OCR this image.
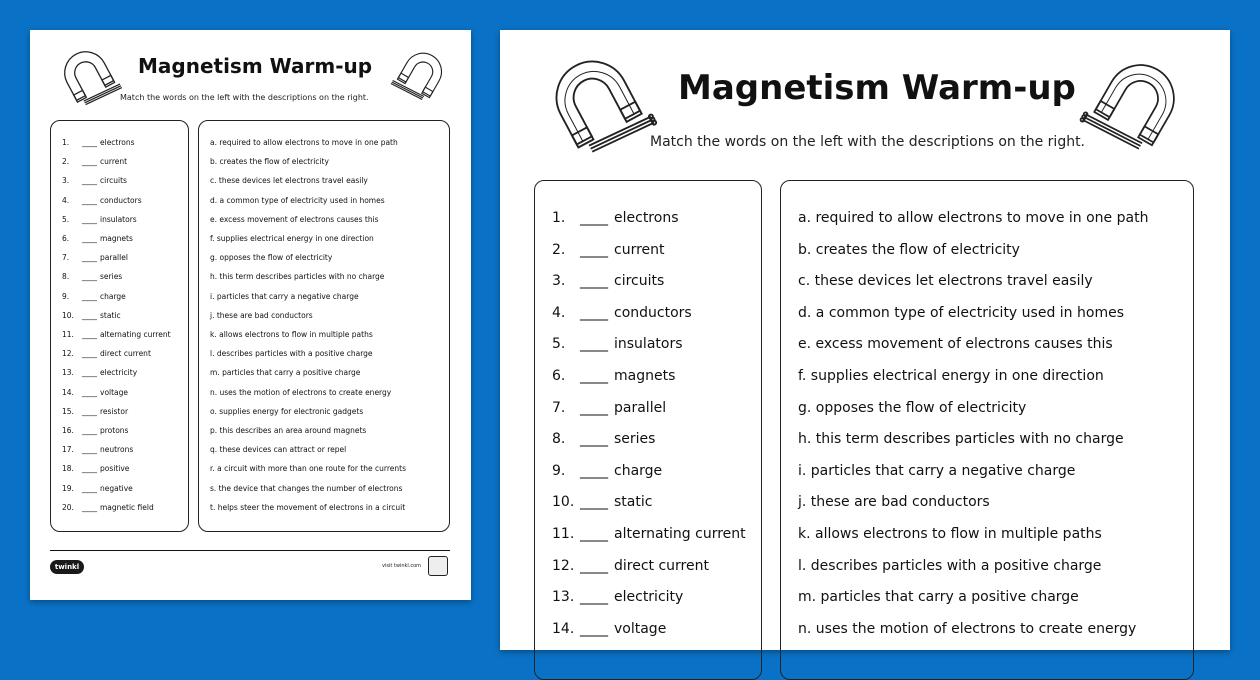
Magnetism Warm-up
Match the words on the left with the descriptions on the right.
1. ____ electrons
2. ____ current
3. ____ circuits
4. ____ conductors
5. ____ insulators
6. ____ magnets
7. ____ parallel
8. ____ series
9. ____ charge
10. ____ static
11. ____ alternating current
12. ____ direct current
13. ____ electricity
14. ____ voltage
15. ____ resistor
16. ____ protons
17. ____ neutrons
18. ____ positive
19. ____ negative
20. ____ magnetic field
a. required to allow electrons to move in one path
b. creates the flow of electricity
c. these devices let electrons travel easily
d. a common type of electricity used in homes
e. excess movement of electrons causes this
f. supplies electrical energy in one direction
g. opposes the flow of electricity
h. this term describes particles with no charge
i. particles that carry a negative charge
j. these are bad conductors
k. allows electrons to flow in multiple paths
l. describes particles with a positive charge
m. particles that carry a positive charge
n. uses the motion of electrons to create energy
o. supplies energy for electronic gadgets
p. this describes an area around magnets
q. these devices can attract or repel
r. a circuit with more than one route for the currents
s. the device that changes the number of electrons
t. helps steer the movement of electrons in a circuit
twinkl	visit twinkl.com
Magnetism Warm-up
Match the words on the left with the descriptions on the right.
1. ____ electrons
2. ____ current
3. ____ circuits
4. ____ conductors
5. ____ insulators
6. ____ magnets
7. ____ parallel
8. ____ series
9. ____ charge
10. ____ static
11. ____ alternating current
12. ____ direct current
13. ____ electricity
14. ____ voltage
a. required to allow electrons to move in one path
b. creates the flow of electricity
c. these devices let electrons travel easily
d. a common type of electricity used in homes
e. excess movement of electrons causes this
f. supplies electrical energy in one direction
g. opposes the flow of electricity
h. this term describes particles with no charge
i. particles that carry a negative charge
j. these are bad conductors
k. allows electrons to flow in multiple paths
l. describes particles with a positive charge
m. particles that carry a positive charge
n. uses the motion of electrons to create energy
